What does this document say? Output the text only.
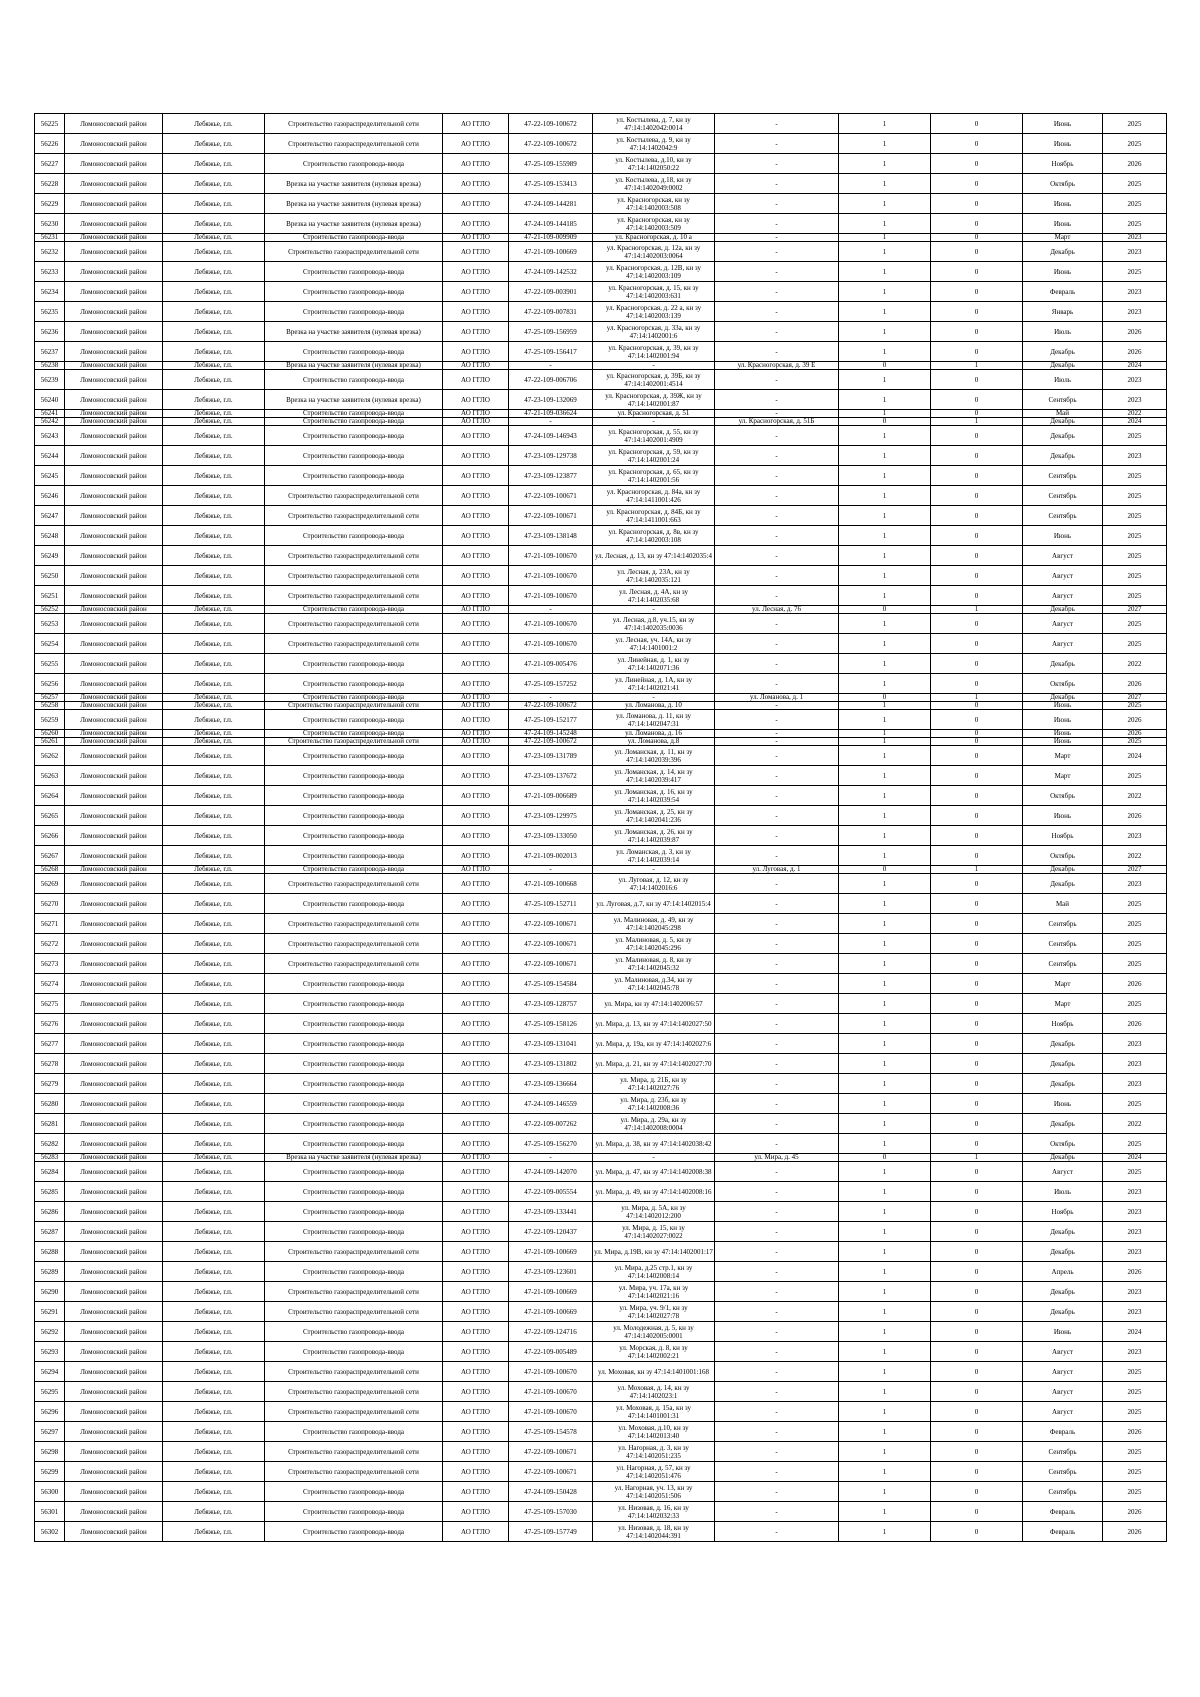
56225	Ломоносовский район	Лебяжье, г.п.	Строительство газораспределительной сети	АО ГГЛО	47-22-109-100672	ул. Костылева, д. 7, кн зу 47:14:1402042:0014	-	1	0	Июнь	2025
56226	Ломоносовский район	Лебяжье, г.п.	Строительство газораспределительной сети	АО ГГЛО	47-22-109-100672	ул. Костылева, д. 9, кн зу 47:14:1402042:9	-	1	0	Июнь	2025
56227	Ломоносовский район	Лебяжье, г.п.	Строительство газопровода-ввода	АО ГГЛО	47-25-109-155989	ул. Костылева, д.10, кн зу 47:14:1402050:22	-	1	0	Ноябрь	2026
56228	Ломоносовский район	Лебяжье, г.п.	Врезка на участке заявителя (нулевая врезка)	АО ГГЛО	47-25-109-153413	ул. Костылева, д.18, кн зу 47:14:1402049:0002	-	1	0	Октябрь	2025
56229	Ломоносовский район	Лебяжье, г.п.	Врезка на участке заявителя (нулевая врезка)	АО ГГЛО	47-24-109-144281	ул. Красногорская, кн зу 47:14:1402003:508	-	1	0	Июнь	2025
56230	Ломоносовский район	Лебяжье, г.п.	Врезка на участке заявителя (нулевая врезка)	АО ГГЛО	47-24-109-144185	ул. Красногорская, кн зу 47:14:1402003:509	-	1	0	Июнь	2025
56231	Ломоносовский район	Лебяжье, г.п.	Строительство газопровода-ввода	АО ГГЛО	47-21-109-009909	ул. Красногорская, д. 10 а	-	1	0	Март	2023
56232	Ломоносовский район	Лебяжье, г.п.	Строительство газораспределительной сети	АО ГГЛО	47-21-109-100669	ул. Красногорская, д. 12а, кн зу 47:14:1402003:0064	-	1	0	Декабрь	2023
56233	Ломоносовский район	Лебяжье, г.п.	Строительство газопровода-ввода	АО ГГЛО	47-24-109-142532	ул. Красногорская, д. 12В, кн зу 47:14:1402003:109	-	1	0	Июнь	2025
56234	Ломоносовский район	Лебяжье, г.п.	Строительство газопровода-ввода	АО ГГЛО	47-22-109-003901	ул. Красногорская, д. 15, кн зу 47:14:1402003:631	-	1	0	Февраль	2023
56235	Ломоносовский район	Лебяжье, г.п.	Строительство газопровода-ввода	АО ГГЛО	47-22-109-007831	ул. Красногорская, д. 22 а, кн зу 47:14:1402003:139	-	1	0	Январь	2023
56236	Ломоносовский район	Лебяжье, г.п.	Врезка на участке заявителя (нулевая врезка)	АО ГГЛО	47-25-109-156959	ул. Красногорская, д. 33а, кн зу 47:14:1402001:6	-	1	0	Июль	2026
56237	Ломоносовский район	Лебяжье, г.п.	Строительство газопровода-ввода	АО ГГЛО	47-25-109-156417	ул. Красногорская, д. 39, кн зу 47:14:1402001:94	-	1	0	Декабрь	2026
56238	Ломоносовский район	Лебяжье, г.п.	Врезка на участке заявителя (нулевая врезка)	АО ГГЛО	-	-	ул. Красногорская, д. 39 Е	0	1	Декабрь	2024
56239	Ломоносовский район	Лебяжье, г.п.	Строительство газопровода-ввода	АО ГГЛО	47-22-109-006706	ул. Красногорская, д. 39Б, кн зу 47:14:1402001:4514	-	1	0	Июль	2023
56240	Ломоносовский район	Лебяжье, г.п.	Врезка на участке заявителя (нулевая врезка)	АО ГГЛО	47-23-109-132069	ул. Красногорская, д. 39Ж, кн зу 47:14:1402001:87	-	1	0	Сентябрь	2023
56241	Ломоносовский район	Лебяжье, г.п.	Строительство газопровода-ввода	АО ГГЛО	47-21-109-036624	ул. Красногорская, д. 51	-	1	0	Май	2022
56242	Ломоносовский район	Лебяжье, г.п.	Строительство газопровода-ввода	АО ГГЛО	-	-	ул. Красногорская, д. 51Б	0	1	Декабрь	2024
56243	Ломоносовский район	Лебяжье, г.п.	Строительство газопровода-ввода	АО ГГЛО	47-24-109-146943	ул. Красногорская, д. 55, кн зу 47:14:1402001:4909	-	1	0	Декабрь	2025
56244	Ломоносовский район	Лебяжье, г.п.	Строительство газопровода-ввода	АО ГГЛО	47-23-109-129738	ул. Красногорская, д. 59, кн зу 47:14:1402001:24	-	1	0	Декабрь	2023
56245	Ломоносовский район	Лебяжье, г.п.	Строительство газопровода-ввода	АО ГГЛО	47-23-109-123877	ул. Красногорская, д. 65, кн зу 47:14:1402001:56	-	1	0	Сентябрь	2025
56246	Ломоносовский район	Лебяжье, г.п.	Строительство газораспределительной сети	АО ГГЛО	47-22-109-100671	ул. Красногорская, д. 84а, кн зу 47:14:1411001:426	-	1	0	Сентябрь	2025
56247	Ломоносовский район	Лебяжье, г.п.	Строительство газораспределительной сети	АО ГГЛО	47-22-109-100671	ул. Красногорская, д. 84Б, кн зу 47:14:1411001:663	-	1	0	Сентябрь	2025
56248	Ломоносовский район	Лебяжье, г.п.	Строительство газопровода-ввода	АО ГГЛО	47-23-109-138148	ул. Красногорская, д. 8в, кн зу 47:14:1402003:108	-	1	0	Июнь	2025
56249	Ломоносовский район	Лебяжье, г.п.	Строительство газораспределительной сети	АО ГГЛО	47-21-109-100670	ул. Лесная, д. 13, кн зу 47:14:1402035:4	-	1	0	Август	2025
56250	Ломоносовский район	Лебяжье, г.п.	Строительство газораспределительной сети	АО ГГЛО	47-21-109-100670	ул. Лесная, д. 23А, кн зу 47:14:1402035:121	-	1	0	Август	2025
56251	Ломоносовский район	Лебяжье, г.п.	Строительство газораспределительной сети	АО ГГЛО	47-21-109-100670	ул. Лесная, д. 4А, кн зу 47:14:1402035:68	-	1	0	Август	2025
56252	Ломоносовский район	Лебяжье, г.п.	Строительство газопровода-ввода	АО ГГЛО	-	-	ул. Лесная, д. 76	0	1	Декабрь	2027
56253	Ломоносовский район	Лебяжье, г.п.	Строительство газораспределительной сети	АО ГГЛО	47-21-109-100670	ул. Лесная, д.8, уч.15, кн зу 47:14:1402035:0036	-	1	0	Август	2025
56254	Ломоносовский район	Лебяжье, г.п.	Строительство газораспределительной сети	АО ГГЛО	47-21-109-100670	ул. Лесная, уч. 14А, кн зу 47:14:1401001:2	-	1	0	Август	2025
56255	Ломоносовский район	Лебяжье, г.п.	Строительство газопровода-ввода	АО ГГЛО	47-21-109-005476	ул. Линейная, д. 1, кн зу 47:14:1402071:36	-	1	0	Декабрь	2022
56256	Ломоносовский район	Лебяжье, г.п.	Строительство газопровода-ввода	АО ГГЛО	47-25-109-157252	ул. Линейная, д. 1А, кн зу 47:14:1402021:41	-	1	0	Октябрь	2026
56257	Ломоносовский район	Лебяжье, г.п.	Строительство газопровода-ввода	АО ГГЛО	-	-	ул. Ломанова, д. 1	0	1	Декабрь	2027
56258	Ломоносовский район	Лебяжье, г.п.	Строительство газораспределительной сети	АО ГГЛО	47-22-109-100672	ул. Ломанова, д. 10	-	1	0	Июнь	2025
56259	Ломоносовский район	Лебяжье, г.п.	Строительство газопровода-ввода	АО ГГЛО	47-25-109-152177	ул. Ломанова, д. 11, кн зу 47:14:1402047:31	-	1	0	Июнь	2026
56260	Ломоносовский район	Лебяжье, г.п.	Строительство газопровода-ввода	АО ГГЛО	47-24-109-145248	ул. Ломанова, д. 16	-	1	0	Июнь	2026
56261	Ломоносовский район	Лебяжье, г.п.	Строительство газораспределительной сети	АО ГГЛО	47-22-109-100672	ул. Ломанова, д.8	-	1	0	Июнь	2025
56262	Ломоносовский район	Лебяжье, г.п.	Строительство газопровода-ввода	АО ГГЛО	47-23-109-131789	ул. Ломанская, д. 11, кн зу 47:14:1402039:396	-	1	0	Март	2024
56263	Ломоносовский район	Лебяжье, г.п.	Строительство газопровода-ввода	АО ГГЛО	47-23-109-137672	ул. Ломанская, д. 14, кн зу 47:14:1402039:417	-	1	0	Март	2025
56264	Ломоносовский район	Лебяжье, г.п.	Строительство газопровода-ввода	АО ГГЛО	47-21-109-006689	ул. Ломанская, д. 16, кн зу 47:14:1402039:54	-	1	0	Октябрь	2022
56265	Ломоносовский район	Лебяжье, г.п.	Строительство газопровода-ввода	АО ГГЛО	47-23-109-129975	ул. Ломанская, д. 25, кн зу 47:14:1402041:236	-	1	0	Июнь	2026
56266	Ломоносовский район	Лебяжье, г.п.	Строительство газопровода-ввода	АО ГГЛО	47-23-109-133050	ул. Ломанская, д. 26, кн зу 47:14:1402039:87	-	1	0	Ноябрь	2023
56267	Ломоносовский район	Лебяжье, г.п.	Строительство газопровода-ввода	АО ГГЛО	47-21-109-002013	ул. Ломанская, д. 3, кн зу 47:14:1402039:14	-	1	0	Октябрь	2022
56268	Ломоносовский район	Лебяжье, г.п.	Строительство газопровода-ввода	АО ГГЛО	-	-	ул. Луговая, д. 1	0	1	Декабрь	2027
56269	Ломоносовский район	Лебяжье, г.п.	Строительство газораспределительной сети	АО ГГЛО	47-21-109-100668	ул. Луговая, д. 12, кн зу 47:14:1402016:6	-	1	0	Декабрь	2023
56270	Ломоносовский район	Лебяжье, г.п.	Строительство газопровода-ввода	АО ГГЛО	47-25-109-152711	ул. Луговая, д.7, кн зу 47:14:1402015:4	-	1	0	Май	2025
56271	Ломоносовский район	Лебяжье, г.п.	Строительство газораспределительной сети	АО ГГЛО	47-22-109-100671	ул. Малиновая, д. 49, кн зу 47:14:1402045:298	-	1	0	Сентябрь	2025
56272	Ломоносовский район	Лебяжье, г.п.	Строительство газораспределительной сети	АО ГГЛО	47-22-109-100671	ул. Малиновая, д. 5, кн зу 47:14:1402045:296	-	1	0	Сентябрь	2025
56273	Ломоносовский район	Лебяжье, г.п.	Строительство газораспределительной сети	АО ГГЛО	47-22-109-100671	ул. Малиновая, д. 8, кн зу 47:14:1402045:32	-	1	0	Сентябрь	2025
56274	Ломоносовский район	Лебяжье, г.п.	Строительство газопровода-ввода	АО ГГЛО	47-25-109-154584	ул. Малиновая, д.34, кн зу 47:14:1402045:78	-	1	0	Март	2026
56275	Ломоносовский район	Лебяжье, г.п.	Строительство газопровода-ввода	АО ГГЛО	47-23-109-128757	ул. Мира, кн зу 47:14:1402006:57	-	1	0	Март	2025
56276	Ломоносовский район	Лебяжье, г.п.	Строительство газопровода-ввода	АО ГГЛО	47-25-109-158126	ул. Мира, д. 13, кн зу 47:14:1402027:50	-	1	0	Ноябрь	2026
56277	Ломоносовский район	Лебяжье, г.п.	Строительство газопровода-ввода	АО ГГЛО	47-23-109-131041	ул. Мира, д. 19а, кн зу 47:14:1402027:6	-	1	0	Декабрь	2023
56278	Ломоносовский район	Лебяжье, г.п.	Строительство газопровода-ввода	АО ГГЛО	47-23-109-131802	ул. Мира, д. 21, кн зу 47:14:1402027:70	-	1	0	Декабрь	2023
56279	Ломоносовский район	Лебяжье, г.п.	Строительство газопровода-ввода	АО ГГЛО	47-23-109-136664	ул. Мира, д. 21Б, кн зу 47:14:1402027:76	-	1	0	Декабрь	2023
56280	Ломоносовский район	Лебяжье, г.п.	Строительство газопровода-ввода	АО ГГЛО	47-24-109-146559	ул. Мира, д. 23б, кн зу 47:14:1402008:36	-	1	0	Июнь	2025
56281	Ломоносовский район	Лебяжье, г.п.	Строительство газопровода-ввода	АО ГГЛО	47-22-109-007262	ул. Мира, д. 29а, кн зу 47:14:1402008:0004	-	1	0	Декабрь	2022
56282	Ломоносовский район	Лебяжье, г.п.	Строительство газопровода-ввода	АО ГГЛО	47-25-109-156270	ул. Мира, д. 38, кн зу 47:14:1402038:42	-	1	0	Октябрь	2025
56283	Ломоносовский район	Лебяжье, г.п.	Врезка на участке заявителя (нулевая врезка)	АО ГГЛО	-	-	ул. Мира, д. 45	0	1	Декабрь	2024
56284	Ломоносовский район	Лебяжье, г.п.	Строительство газопровода-ввода	АО ГГЛО	47-24-109-142070	ул. Мира, д. 47, кн зу 47:14:1402008:38	-	1	0	Август	2025
56285	Ломоносовский район	Лебяжье, г.п.	Строительство газопровода-ввода	АО ГГЛО	47-22-109-005554	ул. Мира, д. 49, кн зу 47:14:1402008:16	-	1	0	Июль	2023
56286	Ломоносовский район	Лебяжье, г.п.	Строительство газопровода-ввода	АО ГГЛО	47-23-109-133441	ул. Мира, д. 5А, кн зу 47:14:1402012:200	-	1	0	Ноябрь	2023
56287	Ломоносовский район	Лебяжье, г.п.	Строительство газопровода-ввода	АО ГГЛО	47-22-109-120437	ул. Мира, д. 15, кн зу 47:14:1402027:0022	-	1	0	Декабрь	2023
56288	Ломоносовский район	Лебяжье, г.п.	Строительство газораспределительной сети	АО ГГЛО	47-21-109-100669	ул. Мира, д.19В, кн зу 47:14:1402001:17	-	1	0	Декабрь	2023
56289	Ломоносовский район	Лебяжье, г.п.	Строительство газопровода-ввода	АО ГГЛО	47-23-109-123601	ул. Мира, д.25 стр.1, кн зу 47:14:1402008:14	-	1	0	Апрель	2026
56290	Ломоносовский район	Лебяжье, г.п.	Строительство газораспределительной сети	АО ГГЛО	47-21-109-100669	ул. Мира, уч. 17а, кн зу 47:14:1402021:16	-	1	0	Декабрь	2023
56291	Ломоносовский район	Лебяжье, г.п.	Строительство газораспределительной сети	АО ГГЛО	47-21-109-100669	ул. Мира, уч. 9/1, кн зу 47:14:1402027:78	-	1	0	Декабрь	2023
56292	Ломоносовский район	Лебяжье, г.п.	Строительство газопровода-ввода	АО ГГЛО	47-22-109-124716	ул. Молодежная, д. 5, кн зу 47:14:1402005:0001	-	1	0	Июнь	2024
56293	Ломоносовский район	Лебяжье, г.п.	Строительство газопровода-ввода	АО ГГЛО	47-22-109-005489	ул. Морская, д. 8, кн зу 47:14:1402002:21	-	1	0	Август	2023
56294	Ломоносовский район	Лебяжье, г.п.	Строительство газораспределительной сети	АО ГГЛО	47-21-109-100670	ул. Моховая, кн зу 47:14:1401001:168	-	1	0	Август	2025
56295	Ломоносовский район	Лебяжье, г.п.	Строительство газораспределительной сети	АО ГГЛО	47-21-109-100670	ул. Моховая, д. 14, кн зу 47:14:1402023:1	-	1	0	Август	2025
56296	Ломоносовский район	Лебяжье, г.п.	Строительство газораспределительной сети	АО ГГЛО	47-21-109-100670	ул. Моховая, д. 15а, кн зу 47:14:1401001:31	-	1	0	Август	2025
56297	Ломоносовский район	Лебяжье, г.п.	Строительство газопровода-ввода	АО ГГЛО	47-25-109-154578	ул. Моховая, д.10, кн зу 47:14:1402013:40	-	1	0	Февраль	2026
56298	Ломоносовский район	Лебяжье, г.п.	Строительство газораспределительной сети	АО ГГЛО	47-22-109-100671	ул. Нагорная, д. 3, кн зу 47:14:1402051:235	-	1	0	Сентябрь	2025
56299	Ломоносовский район	Лебяжье, г.п.	Строительство газораспределительной сети	АО ГГЛО	47-22-109-100671	ул. Нагорная, д. 57, кн зу 47:14:1402051:476	-	1	0	Сентябрь	2025
56300	Ломоносовский район	Лебяжье, г.п.	Строительство газопровода-ввода	АО ГГЛО	47-24-109-150428	ул. Нагорная, уч. 13, кн зу 47:14:1402051:506	-	1	0	Сентябрь	2025
56301	Ломоносовский район	Лебяжье, г.п.	Строительство газопровода-ввода	АО ГГЛО	47-25-109-157030	ул. Низовая, д. 16, кн зу 47:14:1402032:33	-	1	0	Февраль	2026
56302	Ломоносовский район	Лебяжье, г.п.	Строительство газопровода-ввода	АО ГГЛО	47-25-109-157749	ул. Низовая, д. 18, кн зу 47:14:1402044:391	-	1	0	Февраль	2026
